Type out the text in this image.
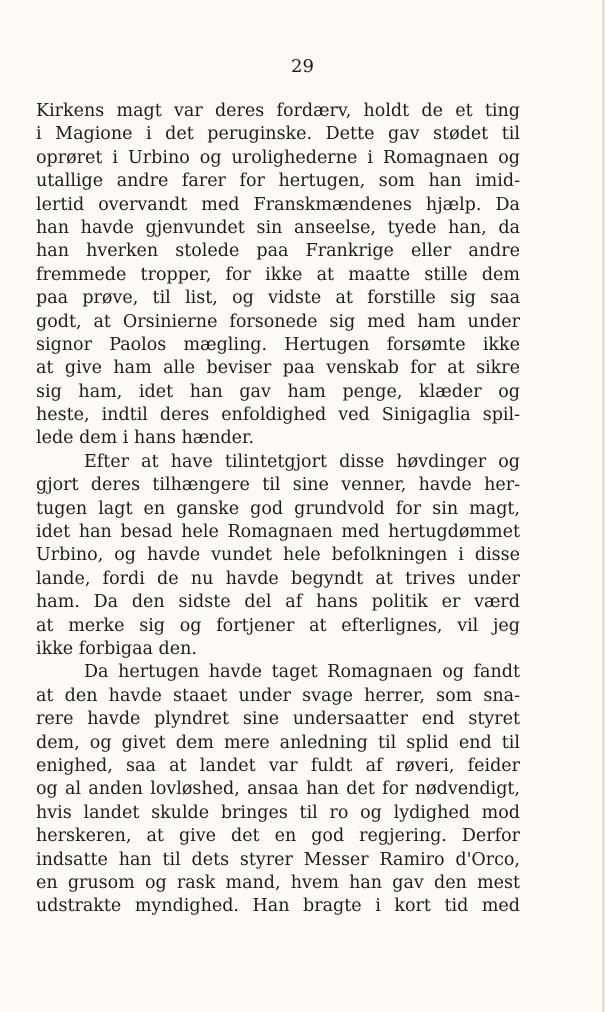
29
Kirkens magt var deres fordærv, holdt de et ting
i Magione i det peruginske. Dette gav stødet til
oprøret i Urbino og urolighederne i Romagnaen og
utallige andre farer for hertugen, som han imid-
lertid overvandt med Franskmændenes hjælp. Da
han havde gjenvundet sin anseelse, tyede han, da
han hverken stolede paa Frankrige eller andre
fremmede tropper, for ikke at maatte stille dem
paa prøve, til list, og vidste at forstille sig saa
godt, at Orsinierne forsonede sig med ham under
signor Paolos mægling. Hertugen forsømte ikke
at give ham alle beviser paa venskab for at sikre
sig ham, idet han gav ham penge, klæder og
heste, indtil deres enfoldighed ved Sinigaglia spil-
lede dem i hans hænder.
Efter at have tilintetgjort disse høvdinger og
gjort deres tilhængere til sine venner, havde her-
tugen lagt en ganske god grundvold for sin magt,
idet han besad hele Romagnaen med hertugdømmet
Urbino, og havde vundet hele befolkningen i disse
lande, fordi de nu havde begyndt at trives under
ham. Da den sidste del af hans politik er værd
at merke sig og fortjener at efterlignes, vil jeg
ikke forbigaa den.
Da hertugen havde taget Romagnaen og fandt
at den havde staaet under svage herrer, som sna-
rere havde plyndret sine undersaatter end styret
dem, og givet dem mere anledning til splid end til
enighed, saa at landet var fuldt af røveri, feider
og al anden lovløshed, ansaa han det for nødvendigt,
hvis landet skulde bringes til ro og lydighed mod
herskeren, at give det en god regjering. Derfor
indsatte han til dets styrer Messer Ramiro d'Orco,
en grusom og rask mand, hvem han gav den mest
udstrakte myndighed. Han bragte i kort tid med
